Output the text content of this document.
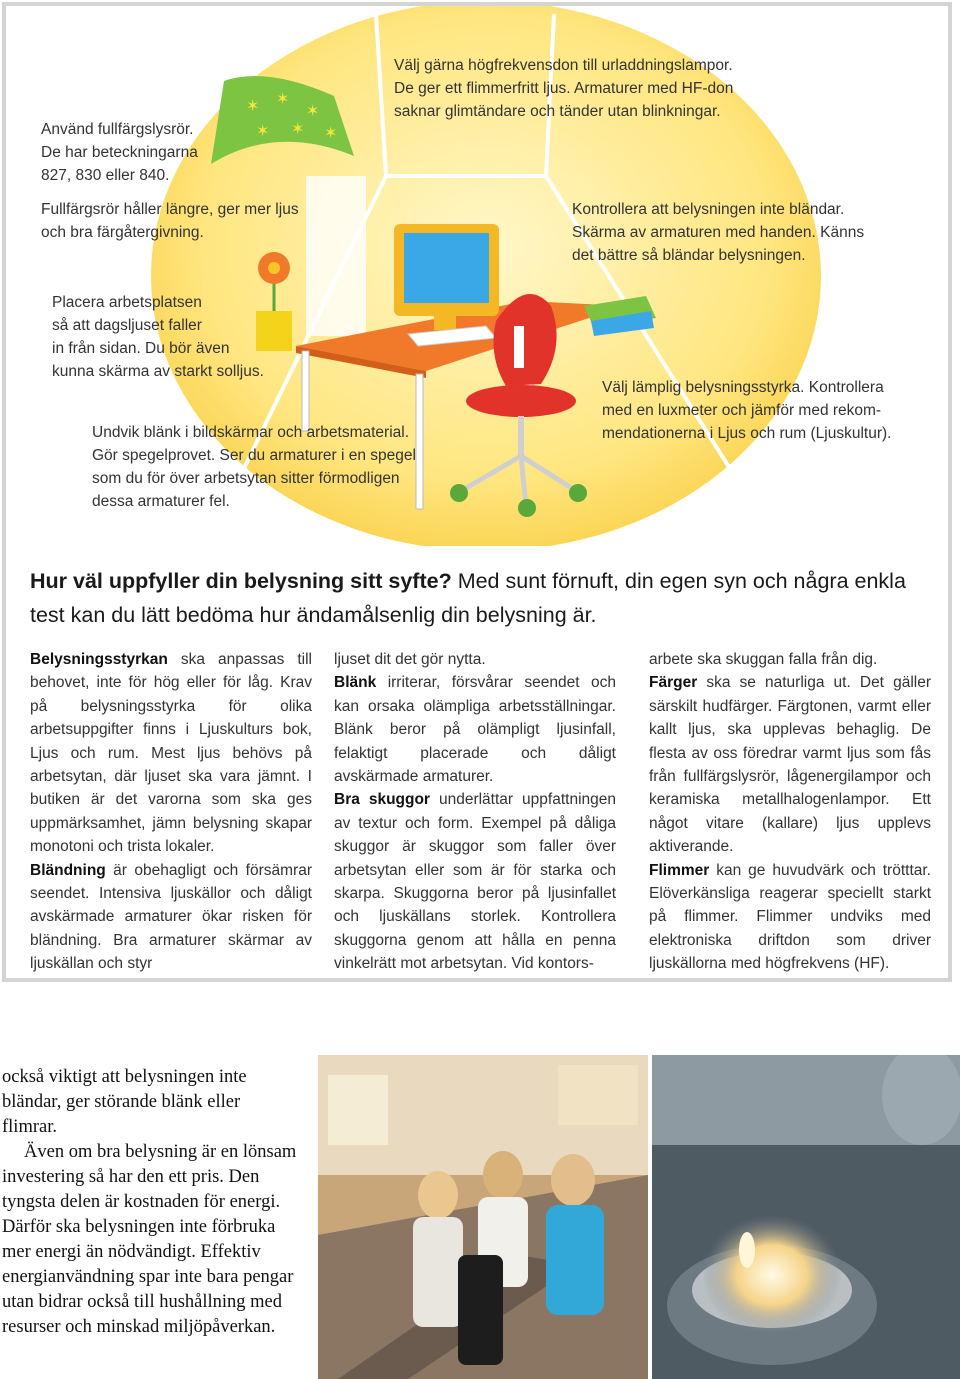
✶ ✶
✶
✶ ✶ ✶

Använd fullfärgslysrör.
De har beteckningarna
827, 830 eller 840.

Fullfärgsrör håller längre, ger mer ljus
och bra färgåtergivning.

Välj gärna högfrekvensdon till urladdningslampor.
De ger ett flimmerfritt ljus. Armaturer med HF-don
saknar glimtändare och tänder utan blinkningar.

Kontrollera att belysningen inte bländar.
Skärma av armaturen med handen. Känns
det bättre så bländar belysningen.

Placera arbetsplatsen
så att dagsljuset faller
in från sidan. Du bör även
kunna skärma av starkt solljus.

Välj lämplig belysningsstyrka. Kontrollera
med en luxmeter och jämför med rekom-
mendationerna i Ljus och rum (Ljuskultur).

Undvik blänk i bildskärmar och arbetsmaterial.
Gör spegelprovet. Ser du armaturer i en spegel
som du för över arbetsytan sitter förmodligen
dessa armaturer fel.

Hur väl uppfyller din belysning sitt syfte? Med sunt förnuft, din egen syn och några enkla test kan du lätt bedöma hur ändamålsenlig din belysning är.

Belysningsstyrkan ska anpassas till behovet, inte för hög eller för låg. Krav på belysningsstyrka för olika arbetsuppgifter finns i Ljuskulturs bok, Ljus och rum. Mest ljus behövs på arbetsytan, där ljuset ska vara jämnt. I butiken är det varorna som ska ges uppmärksamhet, jämn belysning skapar monotoni och trista lokaler.

Bländning är obehagligt och försämrar seendet. Intensiva ljuskällor och dåligt avskärmade armaturer ökar risken för bländning. Bra armaturer skärmar av ljuskällan och styr

ljuset dit det gör nytta.

Blänk irriterar, försvårar seendet och kan orsaka olämpliga arbetsställningar. Blänk beror på olämpligt ljusinfall, felaktigt placerade och dåligt avskärmade armaturer.

Bra skuggor underlättar uppfattningen av textur och form. Exempel på dåliga skuggor är skuggor som faller över arbetsytan eller som är för starka och skarpa. Skuggorna beror på ljusinfallet och ljuskällans storlek. Kontrollera skuggorna genom att hålla en penna vinkelrätt mot arbetsytan. Vid kontors-

arbete ska skuggan falla från dig.

Färger ska se naturliga ut. Det gäller särskilt hudfärger. Färgtonen, varmt eller kallt ljus, ska upplevas behaglig. De flesta av oss föredrar varmt ljus som fås från fullfärgslysrör, lågenergilampor och keramiska metallhalogenlampor. Ett något vitare (kallare) ljus upplevs aktiverande.

Flimmer kan ge huvudvärk och trötttar. Elöverkänsliga reagerar speciellt starkt på flimmer. Flimmer undviks med elektroniska driftdon som driver ljuskällorna med högfrekvens (HF).

också viktigt att belysningen inte bländar, ger störande blänk eller flimrar.

Även om bra belysning är en lönsam investering så har den ett pris. Den tyngsta delen är kostnaden för energi. Därför ska belysningen inte förbruka mer energi än nödvändigt. Effektiv energianvändning spar inte bara pengar utan bidrar också till hushållning med resurser och minskad miljöpåverkan.
